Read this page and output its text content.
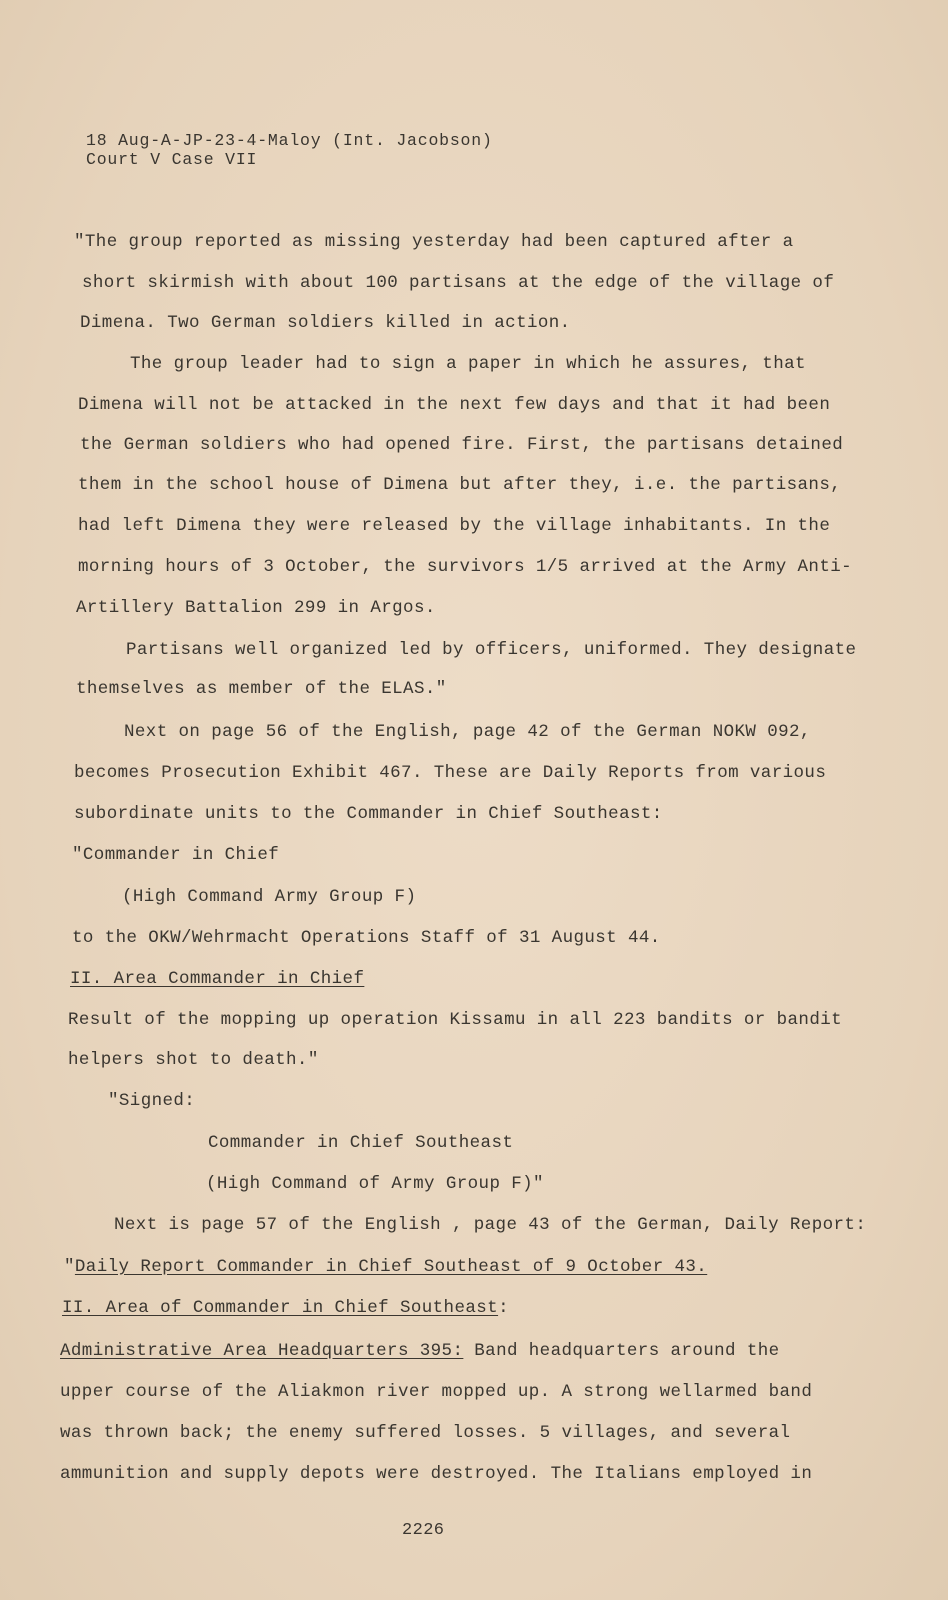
18 Aug-A-JP-23-4-Maloy (Int. Jacobson)
Court V Case VII
"The group reported as missing yesterday had been captured after a
short skirmish with about 100 partisans at the edge of the village of
Dimena. Two German soldiers killed in action.
The group leader had to sign a paper in which he assures, that
Dimena will not be attacked in the next few days and that it had been
the German soldiers who had opened fire. First, the partisans detained
them in the school house of Dimena but after they, i.e. the partisans,
had left Dimena they were released by the village inhabitants. In the
morning hours of 3 October, the survivors 1/5 arrived at the Army Anti-
Artillery Battalion 299 in Argos.
Partisans well organized led by officers, uniformed. They designate
themselves as member of the ELAS."
Next on page 56 of the English, page 42 of the German NOKW 092,
becomes Prosecution Exhibit 467. These are Daily Reports from various
subordinate units to the Commander in Chief Southeast:
"Commander in Chief
(High Command Army Group F)
to the OKW/Wehrmacht Operations Staff of 31 August 44.
II. Area Commander in Chief
Result of the mopping up operation Kissamu in all 223 bandits or bandit
helpers shot to death."
"Signed:
Commander in Chief Southeast
(High Command of Army Group F)"
Next is page 57 of the English , page 43 of the German, Daily Report:
"Daily Report Commander in Chief Southeast of 9 October 43.
II. Area of Commander in Chief Southeast:
Administrative Area Headquarters 395: Band headquarters around the
upper course of the Aliakmon river mopped up. A strong wellarmed band
was thrown back; the enemy suffered losses. 5 villages, and several
ammunition and supply depots were destroyed. The Italians employed in
2226
